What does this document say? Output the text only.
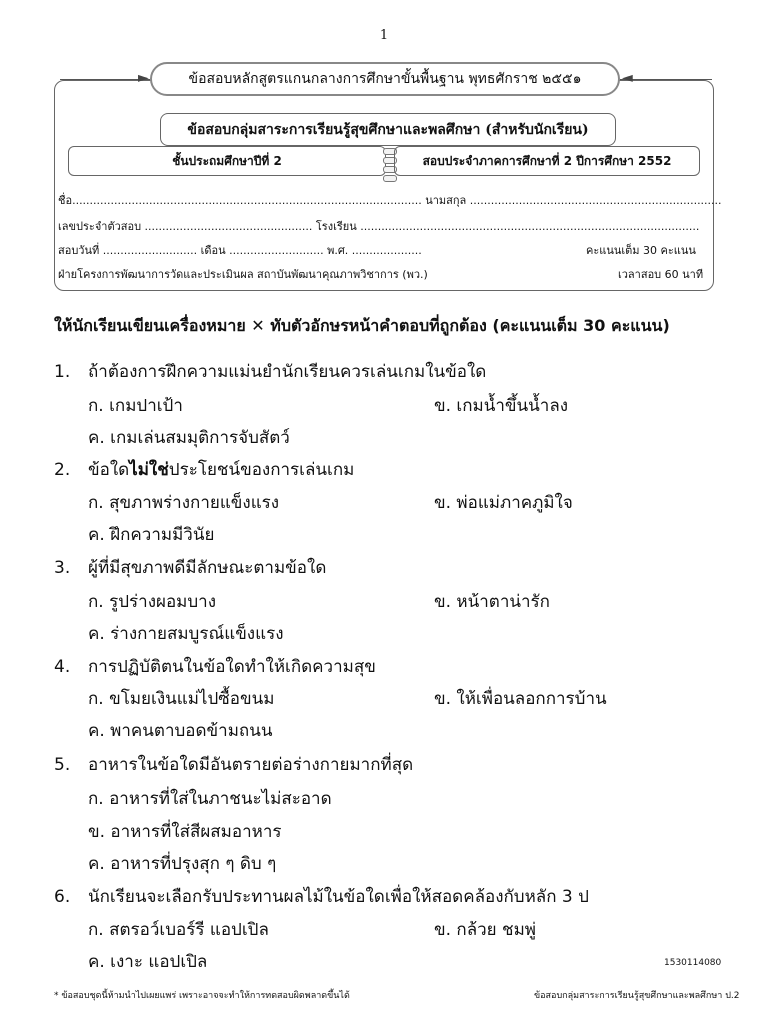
1
►	◄
ข้อสอบหลักสูตรแกนกลางการศึกษาขั้นพื้นฐาน พุทธศักราช ๒๕๕๑
ข้อสอบกลุ่มสาระการเรียนรู้สุขศึกษาและพลศึกษา (สำหรับนักเรียน)
ชั้นประถมศึกษาปีที่ 2	สอบประจำภาคการศึกษาที่ 2 ปีการศึกษา 2552
ชื่อ.................................................................................................... นามสกุล ........................................................................
เลขประจำตัวสอบ ................................................ โรงเรียน .................................................................................................
สอบวันที่ ........................... เดือน ........................... พ.ศ. ....................	คะแนนเต็ม 30 คะแนน
ฝ่ายโครงการพัฒนาการวัดและประเมินผล สถาบันพัฒนาคุณภาพวิชาการ (พว.)	เวลาสอบ 60 นาที
ให้นักเรียนเขียนเครื่องหมาย ✕ ทับตัวอักษรหน้าคำตอบที่ถูกต้อง (คะแนนเต็ม 30 คะแนน)
1. ถ้าต้องการฝึกความแม่นยำนักเรียนควรเล่นเกมในข้อใด
ก. เกมปาเป้า	ข. เกมน้ำขึ้นน้ำลง
ค. เกมเล่นสมมุติการจับสัตว์
2. ข้อใดไม่ใช่ประโยชน์ของการเล่นเกม
ก. สุขภาพร่างกายแข็งแรง	ข. พ่อแม่ภาคภูมิใจ
ค. ฝึกความมีวินัย
3. ผู้ที่มีสุขภาพดีมีลักษณะตามข้อใด
ก. รูปร่างผอมบาง	ข. หน้าตาน่ารัก
ค. ร่างกายสมบูรณ์แข็งแรง
4. การปฏิบัติตนในข้อใดทำให้เกิดความสุข
ก. ขโมยเงินแม่ไปซื้อขนม	ข. ให้เพื่อนลอกการบ้าน
ค. พาคนตาบอดข้ามถนน
5. อาหารในข้อใดมีอันตรายต่อร่างกายมากที่สุด
ก. อาหารที่ใส่ในภาชนะไม่สะอาด
ข. อาหารที่ใส่สีผสมอาหาร
ค. อาหารที่ปรุงสุก ๆ ดิบ ๆ
6. นักเรียนจะเลือกรับประทานผลไม้ในข้อใดเพื่อให้สอดคล้องกับหลัก 3 ป
ก. สตรอว์เบอร์รี แอปเปิล	ข. กล้วย ชมพู่
ค. เงาะ แอปเปิล	1530114080
* ข้อสอบชุดนี้ห้ามนำไปเผยแพร่ เพราะอาจจะทำให้การทดสอบผิดพลาดขึ้นได้	ข้อสอบกลุ่มสาระการเรียนรู้สุขศึกษาและพลศึกษา ป.2
